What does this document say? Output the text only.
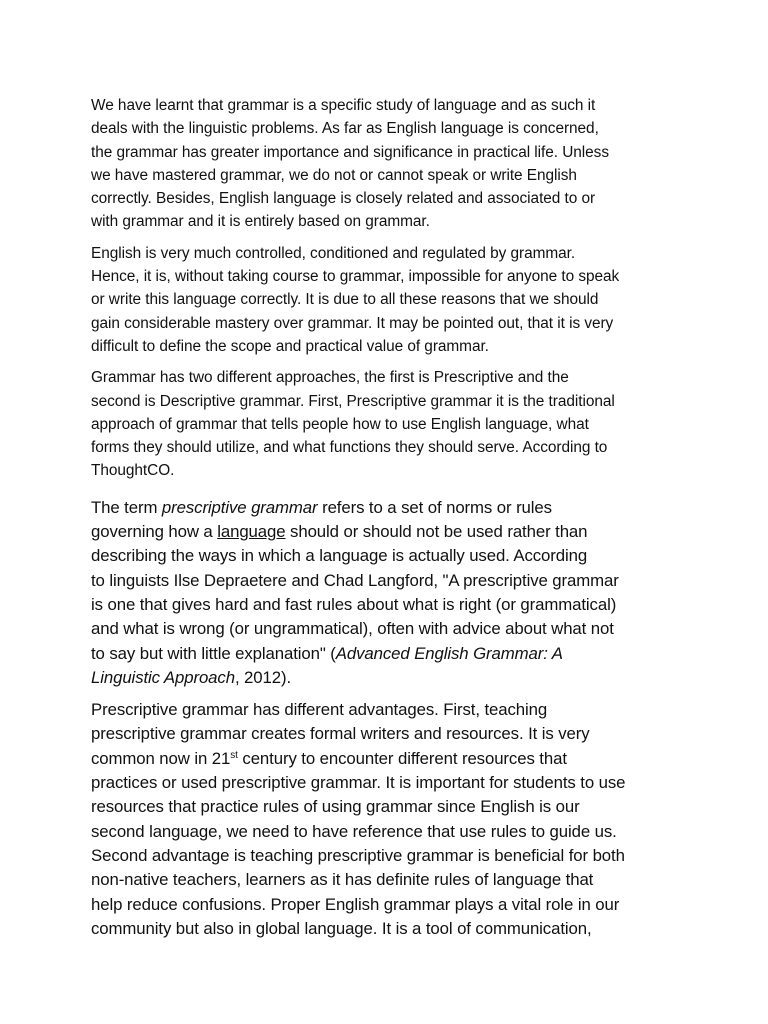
We have learnt that grammar is a specific study of language and as such it
deals with the linguistic problems. As far as English language is concerned,
the grammar has greater importance and significance in practical life. Unless
we have mastered grammar, we do not or cannot speak or write English
correctly. Besides, English language is closely related and associated to or
with grammar and it is entirely based on grammar.

English is very much controlled, conditioned and regulated by grammar.
Hence, it is, without taking course to grammar, impossible for anyone to speak
or write this language correctly. It is due to all these reasons that we should
gain considerable mastery over grammar. It may be pointed out, that it is very
difficult to define the scope and practical value of grammar.

Grammar has two different approaches, the first is Prescriptive and the
second is Descriptive grammar. First, Prescriptive grammar it is the traditional
approach of grammar that tells people how to use English language, what
forms they should utilize, and what functions they should serve. According to
ThoughtCO.

The term prescriptive grammar refers to a set of norms or rules
governing how a language should or should not be used rather than
describing the ways in which a language is actually used. According
to linguists Ilse Depraetere and Chad Langford, "A prescriptive grammar
is one that gives hard and fast rules about what is right (or grammatical)
and what is wrong (or ungrammatical), often with advice about what not
to say but with little explanation" (Advanced English Grammar: A
Linguistic Approach, 2012).

Prescriptive grammar has different advantages. First, teaching
prescriptive grammar creates formal writers and resources. It is very
common now in 21st century to encounter different resources that
practices or used prescriptive grammar. It is important for students to use
resources that practice rules of using grammar since English is our
second language, we need to have reference that use rules to guide us.
Second advantage is teaching prescriptive grammar is beneficial for both
non-native teachers, learners as it has definite rules of language that
help reduce confusions. Proper English grammar plays a vital role in our
community but also in global language. It is a tool of communication,
